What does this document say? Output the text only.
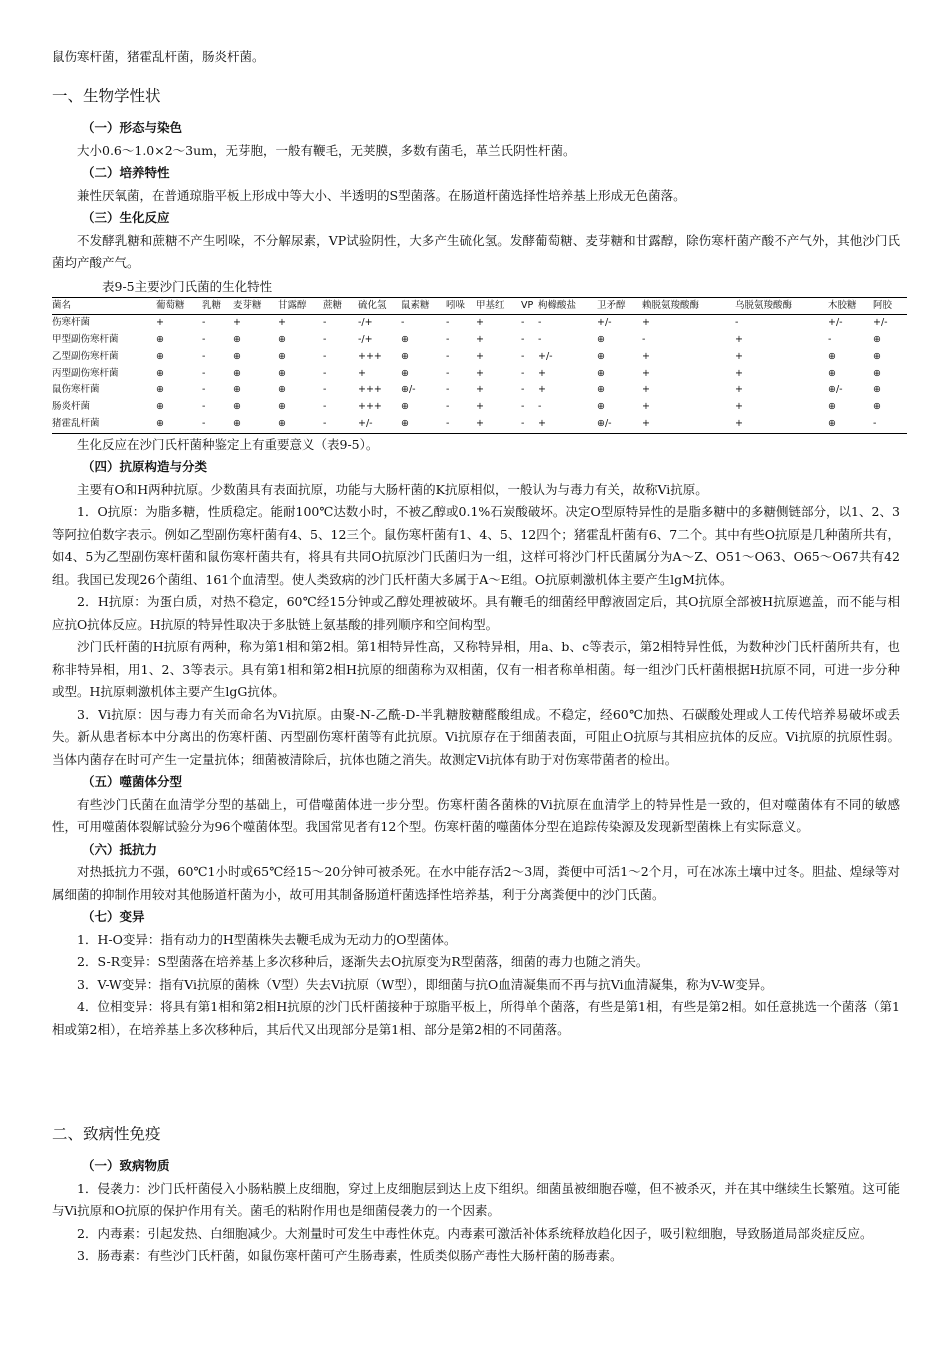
鼠伤寒杆菌，猪霍乱杆菌，肠炎杆菌。

一、生物学性状
（一）形态与染色

大小0.6～1.0×2～3um，无芽胞，一般有鞭毛，无荚膜，多数有菌毛，革兰氏阴性杆菌。

（二）培养特性

兼性厌氧菌，在普通琼脂平板上形成中等大小、半透明的S型菌落。在肠道杆菌选择性培养基上形成无色菌落。

（三）生化反应

不发酵乳糖和蔗糖不产生吲哚，不分解尿素，VP试验阴性，大多产生硫化氢。发酵葡萄糖、麦芽糖和甘露醇，除伤寒杆菌产酸不产气外，其他沙门氏菌均产酸产气。

表9-5主要沙门氏菌的生化特性
菌名	葡萄糖	乳糖	麦芽糖	甘露醇	蔗糖	硫化氢	鼠素糖	吲哚	甲基红	VP	枸橼酸盐	卫矛醇	赖脱氨羧酸酶	乌脱氨羧酸酶	木胶糖	阿胶
伤寒杆菌	+	-	+	+	-	-/+	-	-	+	-	-	+/-	+	-	+/-	+/-
甲型副伤寒杆菌	⊕	-	⊕	⊕	-	-/+	⊕	-	+	-	-	⊕	-	+	-	⊕
乙型副伤寒杆菌	⊕	-	⊕	⊕	-	+++	⊕	-	+	-	+/-	⊕	+	+	⊕	⊕
丙型副伤寒杆菌	⊕	-	⊕	⊕	-	+	⊕	-	+	-	+	⊕	+	+	⊕	⊕
鼠伤寒杆菌	⊕	-	⊕	⊕	-	+++	⊕/-	-	+	-	+	⊕	+	+	⊕/-	⊕
肠炎杆菌	⊕	-	⊕	⊕	-	+++	⊕	-	+	-	-	⊕	+	+	⊕	⊕
猪霍乱杆菌	⊕	-	⊕	⊕	-	+/-	⊕	-	+	-	+	⊕/-	+	+	⊕	-

生化反应在沙门氏杆菌种鉴定上有重要意义（表9-5）。

（四）抗原构造与分类

主要有O和H两种抗原。少数菌具有表面抗原，功能与大肠杆菌的K抗原相似，一般认为与毒力有关，故称Vi抗原。

1．O抗原：为脂多糖，性质稳定。能耐100℃达数小时，不被乙醇或0.1%石炭酸破坏。决定O型原特异性的是脂多糖中的多糖侧链部分，以1、2、3等阿拉伯数字表示。例如乙型副伤寒杆菌有4、5、12三个。鼠伤寒杆菌有1、4、5、12四个；猪霍乱杆菌有6、7二个。其中有些O抗原是几种菌所共有，如4、5为乙型副伤寒杆菌和鼠伤寒杆菌共有，将具有共同O抗原沙门氏菌归为一组，这样可将沙门杆氏菌属分为A～Z、O51～O63、O65～O67共有42组。我国已发现26个菌组、161个血清型。使人类致病的沙门氏杆菌大多属于A～E组。O抗原刺激机体主要产生lgM抗体。

2．H抗原：为蛋白质，对热不稳定，60℃经15分钟或乙醇处理被破坏。具有鞭毛的细菌经甲醇液固定后，其O抗原全部被H抗原遮盖，而不能与相应抗O抗体反应。H抗原的特异性取决于多肽链上氨基酸的排列顺序和空间构型。

沙门氏杆菌的H抗原有两种，称为第1相和第2相。第1相特异性高，又称特异相，用a、b、c等表示，第2相特异性低，为数种沙门氏杆菌所共有，也称非特异相，用1、2、3等表示。具有第1相和第2相H抗原的细菌称为双相菌，仅有一相者称单相菌。每一组沙门氏杆菌根据H抗原不同，可进一步分种或型。H抗原刺激机体主要产生lgG抗体。

3．Vi抗原：因与毒力有关而命名为Vi抗原。由聚-N-乙酰-D-半乳糖胺糖醛酸组成。不稳定，经60℃加热、石碳酸处理或人工传代培养易破坏或丢失。新从患者标本中分离出的伤寒杆菌、丙型副伤寒杆菌等有此抗原。Vi抗原存在于细菌表面，可阻止O抗原与其相应抗体的反应。Vi抗原的抗原性弱。当体内菌存在时可产生一定量抗体；细菌被清除后，抗体也随之消失。故测定Vi抗体有助于对伤寒带菌者的检出。

（五）噬菌体分型

有些沙门氏菌在血清学分型的基础上，可借噬菌体进一步分型。伤寒杆菌各菌株的Vi抗原在血清学上的特异性是一致的，但对噬菌体有不同的敏感性，可用噬菌体裂解试验分为96个噬菌体型。我国常见者有12个型。伤寒杆菌的噬菌体分型在追踪传染源及发现新型菌株上有实际意义。

（六）抵抗力

对热抵抗力不强，60℃1小时或65℃经15～20分钟可被杀死。在水中能存活2～3周，粪便中可活1～2个月，可在冰冻土壤中过冬。胆盐、煌绿等对属细菌的抑制作用较对其他肠道杆菌为小，故可用其制备肠道杆菌选择性培养基，利于分离粪便中的沙门氏菌。

（七）变异

1．H-O变异：指有动力的H型菌株失去鞭毛成为无动力的O型菌体。

2．S-R变异：S型菌落在培养基上多次移种后，逐渐失去O抗原变为R型菌落，细菌的毒力也随之消失。

3．V-W变异：指有Vi抗原的菌株（V型）失去Vi抗原（W型），即细菌与抗O血清凝集而不再与抗Vi血清凝集，称为V-W变异。

4．位相变异：将具有第1相和第2相H抗原的沙门氏杆菌接种于琼脂平板上，所得单个菌落，有些是第1相，有些是第2相。如任意挑选一个菌落（第1相或第2相），在培养基上多次移种后，其后代又出现部分是第1相、部分是第2相的不同菌落。

二、致病性免疫
（一）致病物质

1．侵袭力：沙门氏杆菌侵入小肠粘膜上皮细胞，穿过上皮细胞层到达上皮下组织。细菌虽被细胞吞噬，但不被杀灭，并在其中继续生长繁殖。这可能与Vi抗原和O抗原的保护作用有关。菌毛的粘附作用也是细菌侵袭力的一个因素。

2．内毒素：引起发热、白细胞减少。大剂量时可发生中毒性休克。内毒素可激活补体系统释放趋化因子，吸引粒细胞，导致肠道局部炎症反应。

3．肠毒素：有些沙门氏杆菌，如鼠伤寒杆菌可产生肠毒素，性质类似肠产毒性大肠杆菌的肠毒素。
